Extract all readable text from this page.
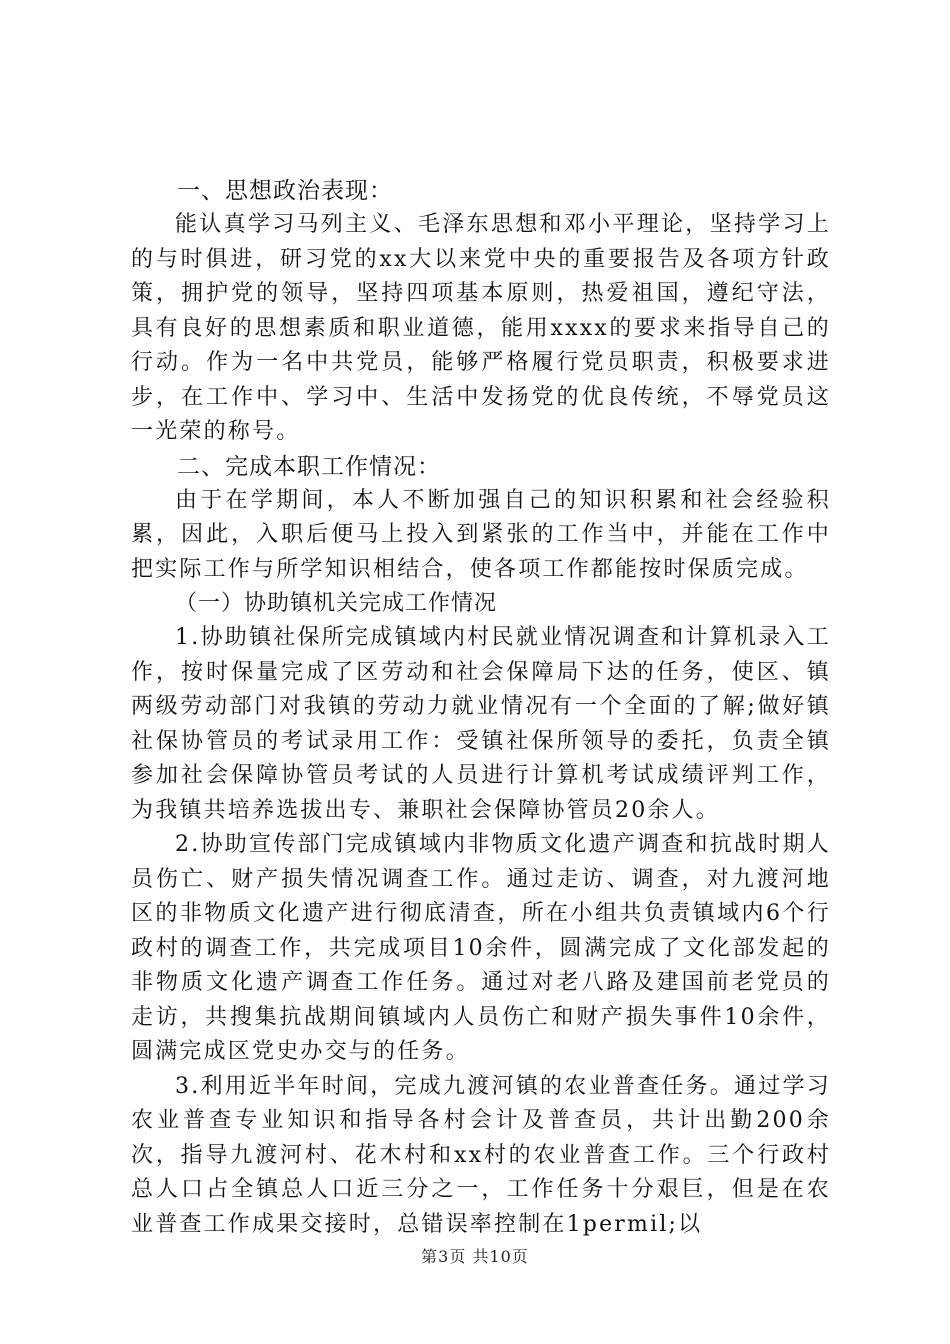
一、思想政治表现：

能认真学习马列主义、毛泽东思想和邓小平理论，坚持学习上的与时俱进，研习党的xx大以来党中央的重要报告及各项方针政策，拥护党的领导，坚持四项基本原则，热爱祖国，遵纪守法，具有良好的思想素质和职业道德，能用xxxx的要求来指导自己的行动。作为一名中共党员，能够严格履行党员职责，积极要求进步，在工作中、学习中、生活中发扬党的优良传统，不辱党员这一光荣的称号。

二、完成本职工作情况：

由于在学期间，本人不断加强自己的知识积累和社会经验积累，因此，入职后便马上投入到紧张的工作当中，并能在工作中把实际工作与所学知识相结合，使各项工作都能按时保质完成。

（一）协助镇机关完成工作情况

1.协助镇社保所完成镇域内村民就业情况调查和计算机录入工作，按时保量完成了区劳动和社会保障局下达的任务，使区、镇两级劳动部门对我镇的劳动力就业情况有一个全面的了解;做好镇社保协管员的考试录用工作：受镇社保所领导的委托，负责全镇参加社会保障协管员考试的人员进行计算机考试成绩评判工作，为我镇共培养选拔出专、兼职社会保障协管员20余人。

2.协助宣传部门完成镇域内非物质文化遗产调查和抗战时期人员伤亡、财产损失情况调查工作。通过走访、调查，对九渡河地区的非物质文化遗产进行彻底清查，所在小组共负责镇域内6个行政村的调查工作，共完成项目10余件，圆满完成了文化部发起的非物质文化遗产调查工作任务。通过对老八路及建国前老党员的走访，共搜集抗战期间镇域内人员伤亡和财产损失事件10余件，圆满完成区党史办交与的任务。

3.利用近半年时间，完成九渡河镇的农业普查任务。通过学习农业普查专业知识和指导各村会计及普查员，共计出勤200余次，指导九渡河村、花木村和xx村的农业普查工作。三个行政村总人口占全镇总人口近三分之一，工作任务十分艰巨，但是在农业普查工作成果交接时，总错误率控制在1permil;以

第3页 共10页
